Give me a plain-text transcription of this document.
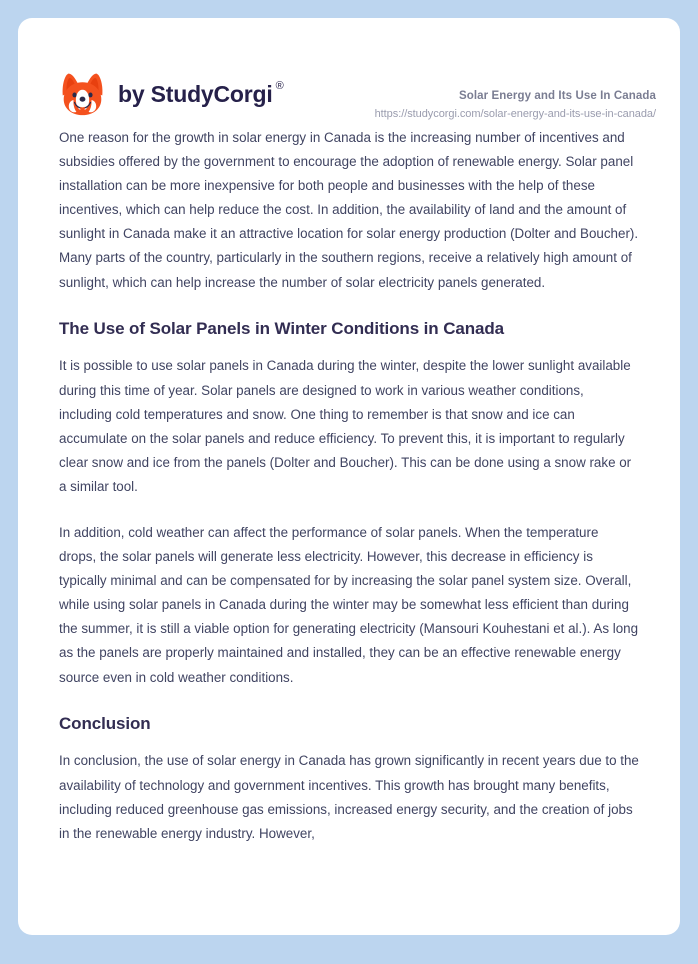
by StudyCorgi ®
Solar Energy and Its Use In Canada
https://studycorgi.com/solar-energy-and-its-use-in-canada/

One reason for the growth in solar energy in Canada is the increasing number of incentives and subsidies offered by the government to encourage the adoption of renewable energy. Solar panel installation can be more inexpensive for both people and businesses with the help of these incentives, which can help reduce the cost. In addition, the availability of land and the amount of sunlight in Canada make it an attractive location for solar energy production (Dolter and Boucher). Many parts of the country, particularly in the southern regions, receive a relatively high amount of sunlight, which can help increase the number of solar electricity panels generated.

The Use of Solar Panels in Winter Conditions in Canada

It is possible to use solar panels in Canada during the winter, despite the lower sunlight available during this time of year. Solar panels are designed to work in various weather conditions, including cold temperatures and snow. One thing to remember is that snow and ice can accumulate on the solar panels and reduce efficiency. To prevent this, it is important to regularly clear snow and ice from the panels (Dolter and Boucher). This can be done using a snow rake or a similar tool.

In addition, cold weather can affect the performance of solar panels. When the temperature drops, the solar panels will generate less electricity. However, this decrease in efficiency is typically minimal and can be compensated for by increasing the solar panel system size. Overall, while using solar panels in Canada during the winter may be somewhat less efficient than during the summer, it is still a viable option for generating electricity (Mansouri Kouhestani et al.). As long as the panels are properly maintained and installed, they can be an effective renewable energy source even in cold weather conditions.

Conclusion

In conclusion, the use of solar energy in Canada has grown significantly in recent years due to the availability of technology and government incentives. This growth has brought many benefits, including reduced greenhouse gas emissions, increased energy security, and the creation of jobs in the renewable energy industry. However,
